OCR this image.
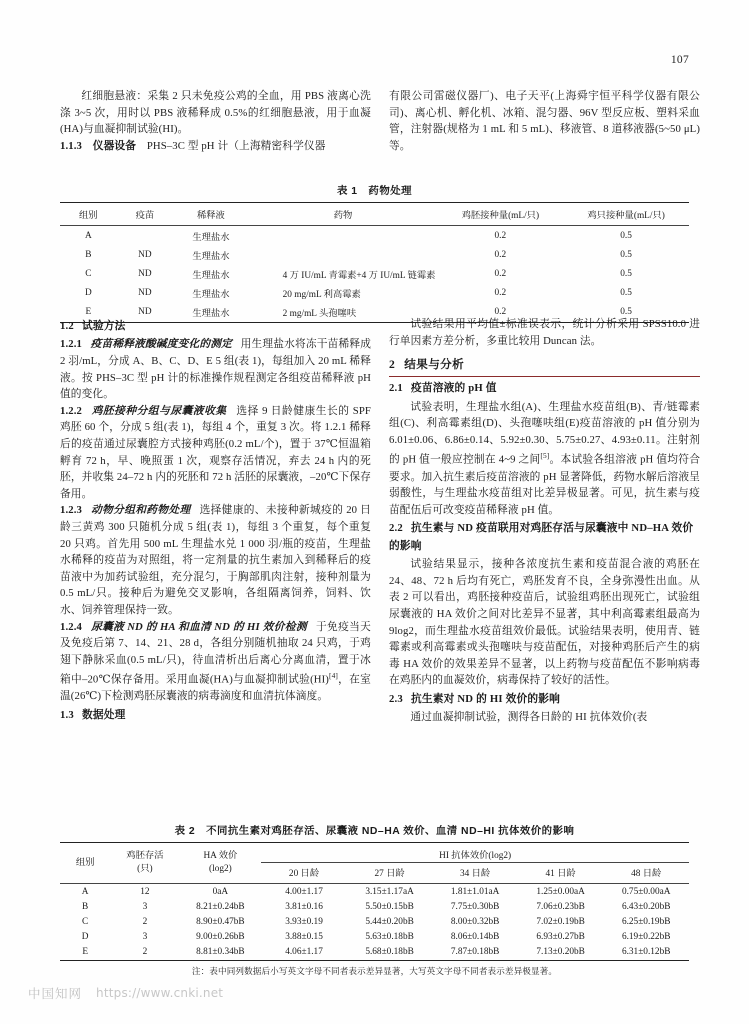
107

红细胞悬液：采集 2 只未免疫公鸡的全血，用 PBS 液离心洗涤 3~5 次，用时以 PBS 液稀释成 0.5%的红细胞悬液，用于血凝(HA)与血凝抑制试验(HI)。

1.1.3 仪器设备 PHS–3C 型 pH 计（上海精密科学仪器

有限公司雷磁仪器厂)、电子天平(上海舜宇恒平科学仪器有限公司)、离心机、孵化机、冰箱、混匀器、96V 型反应板、塑料采血管，注射器(规格为 1 mL 和 5 mL)、移液管、8 道移液器(5~50 μL)等。

表 1　药物处理
组别	疫苗	稀释液	药物	鸡胚接种量(mL/只)	鸡只接种量(mL/只)
A		生理盐水		0.2	0.5
B	ND	生理盐水		0.2	0.5
C	ND	生理盐水	4 万 IU/mL 青霉素+4 万 IU/mL 链霉素	0.2	0.5
D	ND	生理盐水	20 mg/mL 利高霉素	0.2	0.5
E	ND	生理盐水	2 mg/mL 头孢噻呋	0.2	0.5
1.2 试验方法

1.2.1 疫苗稀释液酸碱度变化的测定 用生理盐水将冻干苗稀释成 2 羽/mL，分成 A、B、C、D、E 5 组(表 1)，每组加入 20 mL 稀释液。按 PHS–3C 型 pH 计的标准操作规程测定各组疫苗稀释液 pH 值的变化。

1.2.2 鸡胚接种分组与尿囊液收集 选择 9 日龄健康生长的 SPF 鸡胚 60 个，分成 5 组(表 1)，每组 4 个，重复 3 次。将 1.2.1 稀释后的疫苗通过尿囊腔方式接种鸡胚(0.2 mL/个)，置于 37℃恒温箱孵育 72 h，早、晚照蛋 1 次，观察存活情况，弃去 24 h 内的死胚，并收集 24–72 h 内的死胚和 72 h 活胚的尿囊液，–20℃下保存备用。

1.2.3 动物分组和药物处理 选择健康的、未接种新城疫的 20 日龄三黄鸡 300 只随机分成 5 组(表 1)，每组 3 个重复，每个重复 20 只鸡。首先用 500 mL 生理盐水兑 1 000 羽/瓶的疫苗，生理盐水稀释的疫苗为对照组，将一定剂量的抗生素加入到稀释后的疫苗液中为加药试验组，充分混匀，于胸部肌肉注射，接种剂量为 0.5 mL/只。接种后为避免交叉影响，各组隔离饲养，饲料、饮水、饲养管理保持一致。

1.2.4 尿囊液 ND 的 HA 和血清 ND 的 HI 效价检测 于免疫当天及免疫后第 7、14、21、28 d，各组分别随机抽取 24 只鸡，于鸡翅下静脉采血(0.5 mL/只)，待血清析出后离心分离血清，置于冰箱中–20℃保存备用。采用血凝(HA)与血凝抑制试验(HI)[4]，在室温(26℃)下检测鸡胚尿囊液的病毒滴度和血清抗体滴度。

1.3 数据处理

试验结果用平均值±标准误表示，统计分析采用 SPSS10.0 进行单因素方差分析，多重比较用 Duncan 法。

2 结果与分析
2.1 疫苗溶液的 pH 值

试验表明，生理盐水组(A)、生理盐水疫苗组(B)、青/链霉素组(C)、利高霉素组(D)、头孢噻呋组(E)疫苗溶液的 pH 值分别为 6.01±0.06、6.86±0.14、5.92±0.30、5.75±0.27、4.93±0.11。注射剂的 pH 值一般应控制在 4~9 之间[5]。本试验各组溶液 pH 值均符合要求。加入抗生素后疫苗溶液的 pH 显著降低，药物水解后溶液呈弱酸性，与生理盐水疫苗组对比差异极显著。可见，抗生素与疫苗配伍后可改变疫苗稀释液 pH 值。

2.2 抗生素与 ND 疫苗联用对鸡胚存活与尿囊液中 ND–HA 效价的影响

试验结果显示，接种各浓度抗生素和疫苗混合液的鸡胚在 24、48、72 h 后均有死亡，鸡胚发育不良，全身弥漫性出血。从表 2 可以看出，鸡胚接种疫苗后，试验组鸡胚出现死亡，试验组尿囊液的 HA 效价之间对比差异不显著，其中利高霉素组最高为 9log2，而生理盐水疫苗组效价最低。试验结果表明，使用青、链霉素或利高霉素或头孢噻呋与疫苗配伍，对接种鸡胚后产生的病毒 HA 效价的效果差异不显著，以上药物与疫苗配伍不影响病毒在鸡胚内的血凝效价，病毒保持了较好的活性。

2.3 抗生素对 ND 的 HI 效价的影响

通过血凝抑制试验，测得各日龄的 HI 抗体效价(表

表 2　不同抗生素对鸡胚存活、尿囊液 ND–HA 效价、血清 ND–HI 抗体效价的影响
组别	
鸡胚存活
(只)

HA 效价
(log2)
	HI 抗体效价(log2)
			20 日龄	27 日龄	34 日龄	41 日龄	48 日龄
A	12	0aA	4.00±1.17	3.15±1.17aA	1.81±1.01aA	1.25±0.00aA	0.75±0.00aA
B	3	8.21±0.24bB	3.81±0.16	5.50±0.15bB	7.75±0.30bB	7.06±0.23bB	6.43±0.20bB
C	2	8.90±0.47bB	3.93±0.19	5.44±0.20bB	8.00±0.32bB	7.02±0.19bB	6.25±0.19bB
D	3	9.00±0.26bB	3.88±0.15	5.63±0.18bB	8.06±0.14bB	6.93±0.27bB	6.19±0.22bB
E	2	8.81±0.34bB	4.06±1.17	5.68±0.18bB	7.87±0.18bB	7.13±0.20bB	6.31±0.12bB
注：表中同列数据后小写英文字母不同者表示差异显著，大写英文字母不同者表示差异极显著。
中国知网 https://www.cnki.net
